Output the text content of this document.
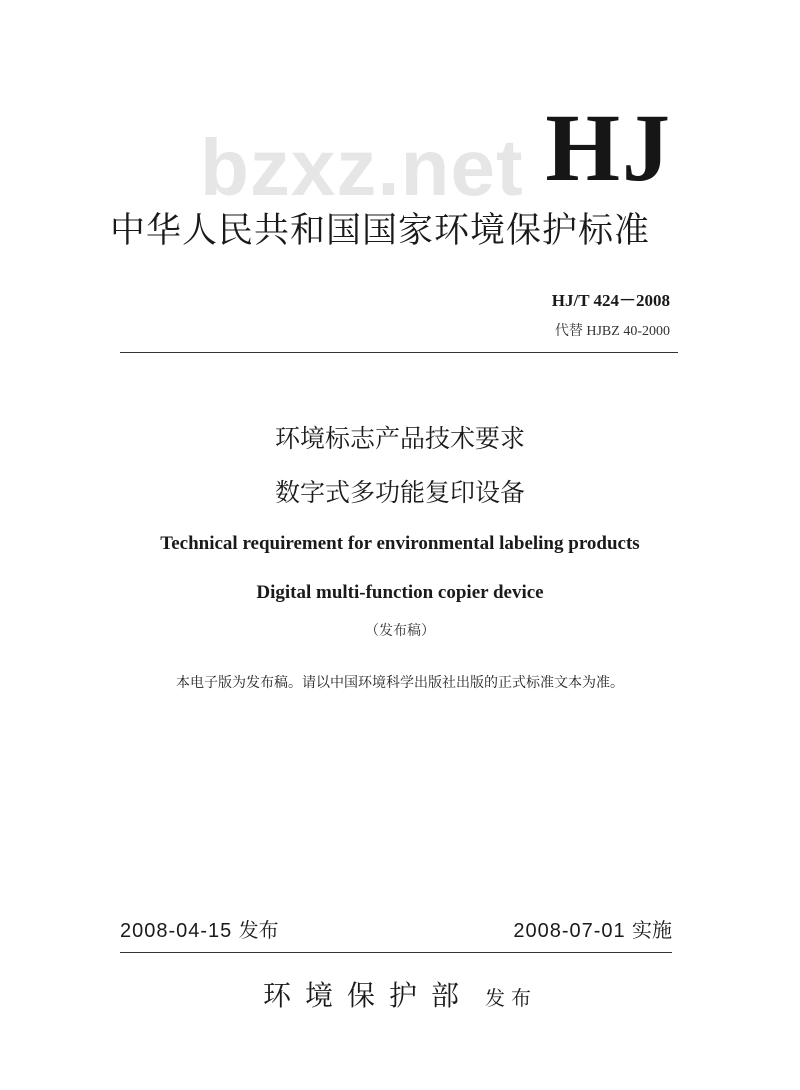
bzxz.net HJ
中华人民共和国国家环境保护标准
HJ/T 424－2008
代替 HJBZ 40-2000
环境标志产品技术要求
数字式多功能复印设备
Technical requirement for environmental labeling products
Digital multi-function copier device
（发布稿）
本电子版为发布稿。请以中国环境科学出版社出版的正式标准文本为准。
2008-04-15 发布	2008-07-01 实施
环境保护部 发布
